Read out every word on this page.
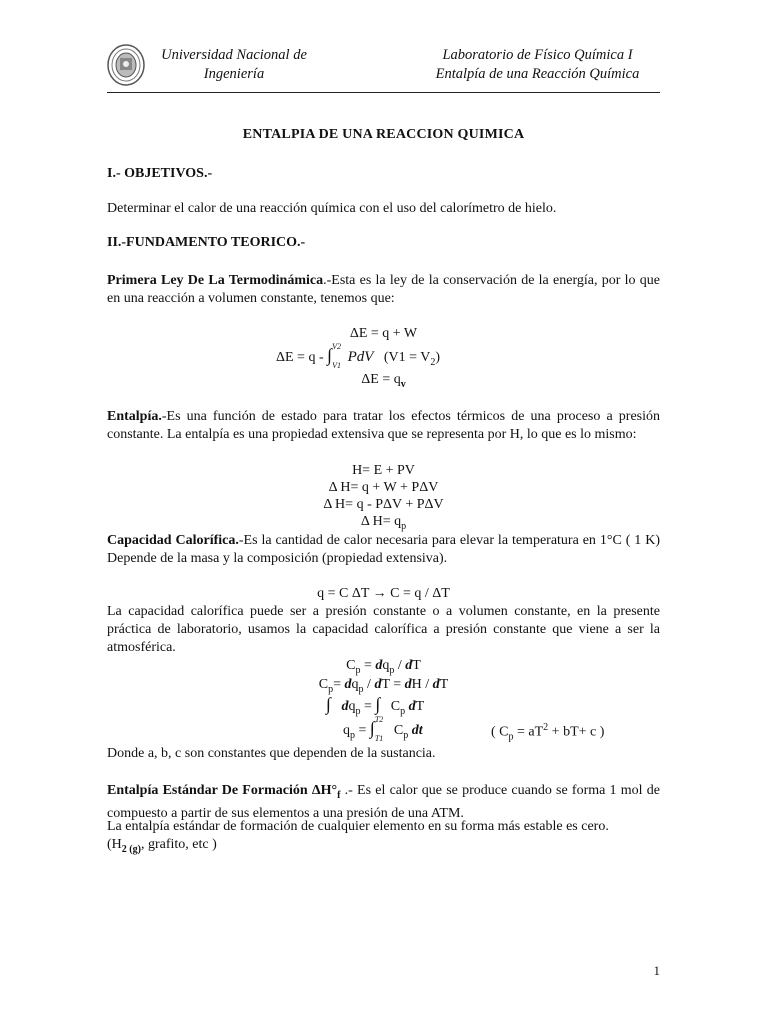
Universidad Nacional de
Ingeniería
Laboratorio de Físico Química I
Entalpía de una Reacción Química
ENTALPIA DE UNA REACCION QUIMICA
I.- OBJETIVOS.-
Determinar el calor de una reacción química con el uso del calorímetro de hielo.
II.-FUNDAMENTO TEORICO.-
Primera Ley De La Termodinámica.-Esta es la ley de la conservación de la energía, por lo que en una reacción a volumen constante, tenemos que:
ΔE = q + W
ΔE = q - ∫ V2
V1
PdV $(V1 = V_2)$
$\Delta E = q_v$
Entalpía.-Es una función de estado para tratar los efectos térmicos de una proceso a presión constante. La entalpía es una propiedad extensiva que se representa por H, lo que es lo mismo:
H= E + PV
Δ H= q + W + PΔV
Δ H= q - PΔV + PΔV
Δ $H= q_p$
Capacidad Calorífica.-Es la cantidad de calor necesaria para elevar la temperatura en 1°C ( 1 K) Depende de la masa y la composición (propiedad extensiva).
q = C ΔT → C = q / ΔT
La capacidad calorífica puede ser a presión constante o a volumen constante, en la presente práctica de laboratorio, usamos la capacidad calorífica a presión constante que viene a ser la atmosférica.
$C_p = dq_p$ / dT
$C_p= dq_p$ / dT = dH / dT
∫ $dq_p$ = ∫ $C_p$ dT
$q_p$ = ∫ T2
T1
$C_p$ dt	( $C_p = aT^2 + bT+ c$ )
Donde a, b, c son constantes que dependen de la sustancia.
Entalpía Estándar De Formación $\Delta H^\circ_f$ .- Es el calor que se produce cuando se forma 1 mol de compuesto a partir de sus elementos a una presión de una ATM.
La entalpía estándar de formación de cualquier elemento en su forma más estable es cero.
($H_{2 (g)}$, grafito, etc )
1
